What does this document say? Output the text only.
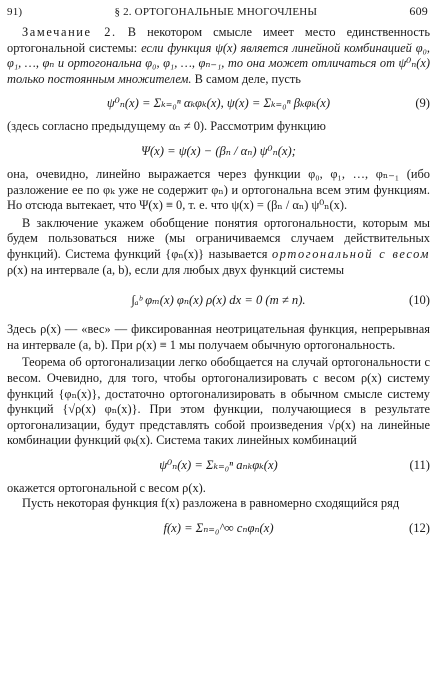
91)	§ 2. ОРТОГОНАЛЬНЫЕ МНОГОЧЛЕНЫ	609

Замечание 2. В некотором смысле имеет место единственность ортогональной системы: если функция ψ(x) является линейной комбинацией φ₀, φ₁, …, φₙ и ортогональна φ₀, φ₁, …, φₙ₋₁, то она может отличаться от ψ⁰ₙ(x) только постоянным множителем. В самом деле, пусть

ψ⁰ₙ(x) = Σₖ₌₀ⁿ αₖφₖ(x), ψ(x) = Σₖ₌₀ⁿ βₖφₖ(x)	(9)

(здесь согласно предыдущему αₙ ≠ 0). Рассмотрим функцию

Ψ(x) = ψ(x) − (βₙ / αₙ) ψ⁰ₙ(x);

она, очевидно, линейно выражается через функции φ₀, φ₁, …, φₙ₋₁ (ибо разложение ее по φₖ уже не содержит φₙ) и ортогональна всем этим функциям. Но отсюда вытекает, что Ψ(x) ≡ 0, т. е. что ψ(x) = (βₙ / αₙ) ψ⁰ₙ(x).

В заключение укажем обобщение понятия ортогональности, которым мы будем пользоваться ниже (мы ограничиваемся случаем действительных функций). Система функций {φₙ(x)} называется ортогональной с весом ρ(x) на интервале (a, b), если для любых двух функций системы

∫ₐᵇ φₘ(x) φₙ(x) ρ(x) dx = 0 (m ≠ n).	(10)

Здесь ρ(x) — «вес» — фиксированная неотрицательная функция, непрерывная на интервале (a, b). При ρ(x) ≡ 1 мы получаем обычную ортогональность.

Теорема об ортогонализации легко обобщается на случай ортогональности с весом. Очевидно, для того, чтобы ортогонализировать с весом ρ(x) систему функций {φₙ(x)}, достаточно ортогонализировать в обычном смысле систему функций {√ρ(x) φₙ(x)}. При этом функции, получающиеся в результате ортогонализации, будут представлять собой произведения √ρ(x) на линейные комбинации функций φₖ(x). Система таких линейных комбинаций

ψ⁰ₙ(x) = Σₖ₌₀ⁿ aₙₖφₖ(x)	(11)

окажется ортогональной с весом ρ(x).

Пусть некоторая функция f(x) разложена в равномерно сходящийся ряд

f(x) = Σₙ₌₀^∞ cₙφₙ(x)	(12)
